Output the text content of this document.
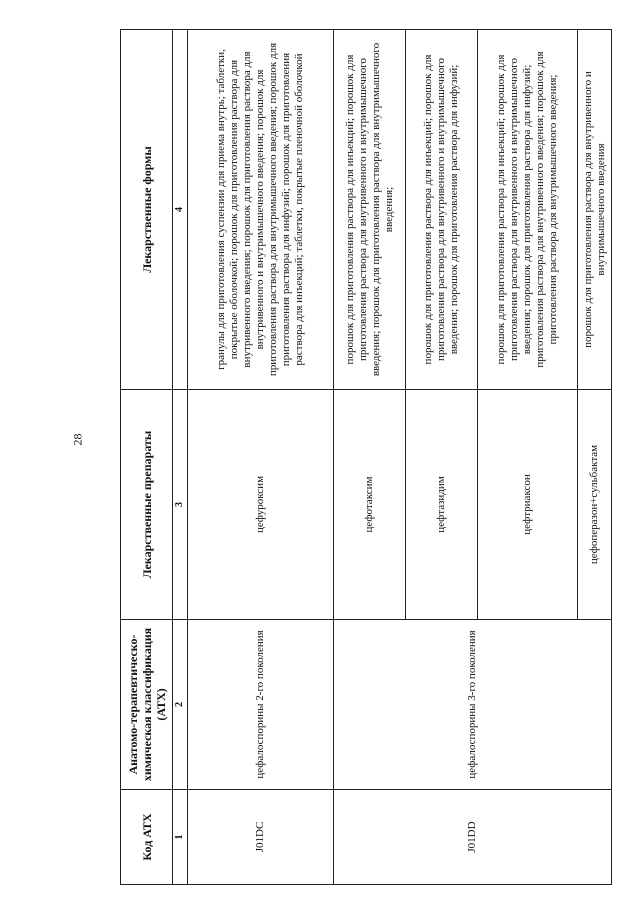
28
Код АТХ	Анатомо-терапевтическо-химическая классификация (АТХ)	Лекарственные препараты	Лекарственные формы
1	2	3	4
J01DC	цефалоспорины 2-го поколения	цефуроксим	гранулы для приготовления суспензии для приема внутрь; таблетки, покрытые оболочкой; порошок для приготовления раствора для внутривенного введения; порошок для приготовления раствора для внутривенного и внутримышечного введения; порошок для приготовления раствора для внутримышечного введения; порошок для приготовления раствора для инфузий; порошок для приготовления раствора для инъекций; таблетки, покрытые пленочной оболочкой
J01DD	цефалоспорины 3-го поколения	цефотаксим	порошок для приготовления раствора для инъекций; порошок для приготовления раствора для внутривенного и внутримышечного введения; порошок для приготовления раствора для внутримышечного введения;
		цефтазидим	порошок для приготовления раствора для инъекций; порошок для приготовления раствора для внутривенного и внутримышечного введения; порошок для приготовления раствора для инфузий;
		цефтриаксон	порошок для приготовления раствора для инъекций; порошок для приготовления раствора для внутривенного и внутримышечного введения; порошок для приготовления раствора для инфузий; приготовления раствора для внутривенного введения; порошок для приготовления раствора для внутримышечного введения;
		цефоперазон+сульбактам	порошок для приготовления раствора для внутривенного и внутримышечного введения
